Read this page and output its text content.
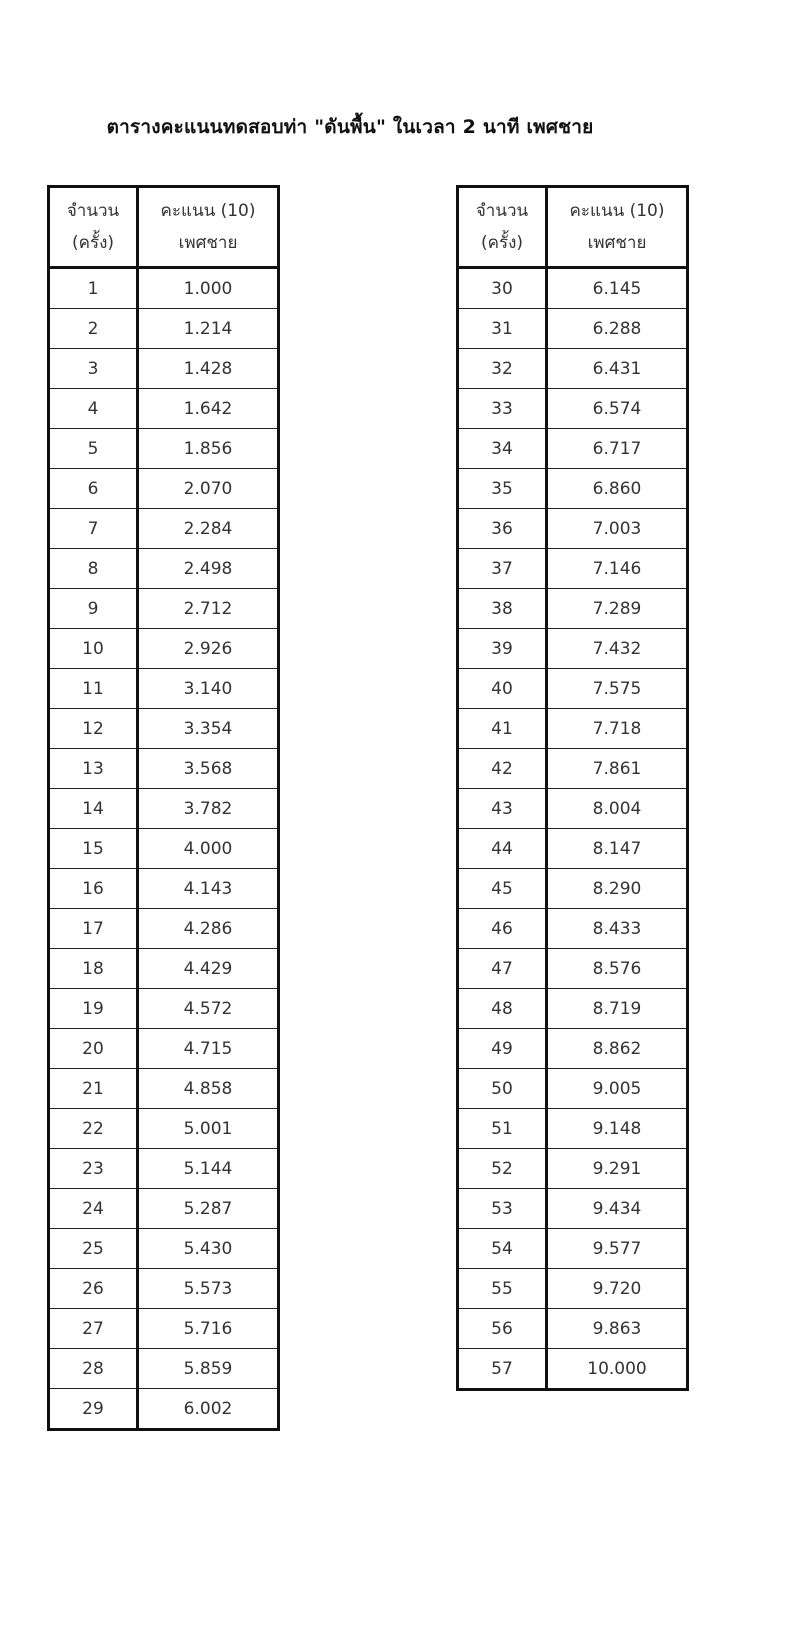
ตารางคะแนนทดสอบท่า "ดันพื้น" ในเวลา 2 นาที เพศชาย
จำนวน
(ครั้ง)	คะแนน (10)
เพศชาย

1	1.000
2	1.214
3	1.428
4	1.642
5	1.856
6	2.070
7	2.284
8	2.498
9	2.712
10	2.926
11	3.140
12	3.354
13	3.568
14	3.782
15	4.000
16	4.143
17	4.286
18	4.429
19	4.572
20	4.715
21	4.858
22	5.001
23	5.144
24	5.287
25	5.430
26	5.573
27	5.716
28	5.859
29	6.002
จำนวน
(ครั้ง)	คะแนน (10)
เพศชาย

30	6.145
31	6.288
32	6.431
33	6.574
34	6.717
35	6.860
36	7.003
37	7.146
38	7.289
39	7.432
40	7.575
41	7.718
42	7.861
43	8.004
44	8.147
45	8.290
46	8.433
47	8.576
48	8.719
49	8.862
50	9.005
51	9.148
52	9.291
53	9.434
54	9.577
55	9.720
56	9.863
57	10.000
